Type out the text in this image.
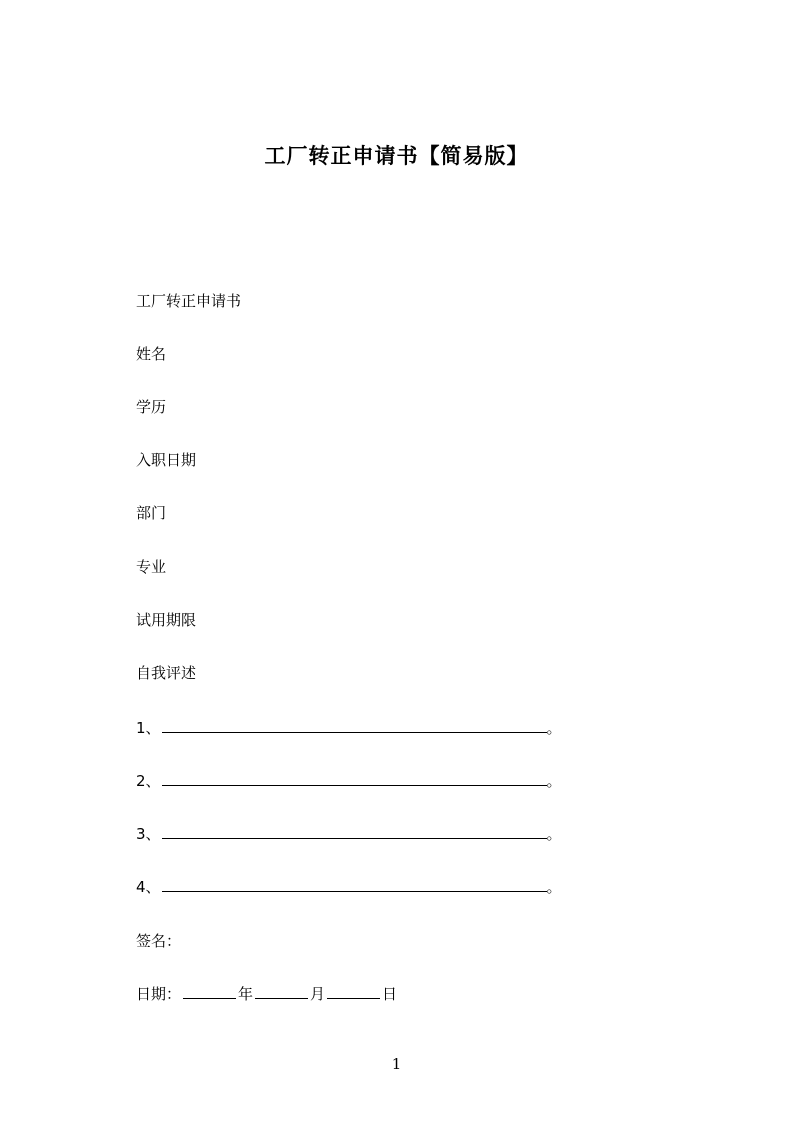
工厂转正申请书【简易版】
工厂转正申请书
姓名
学历
入职日期
部门
专业
试用期限
自我评述
1、	。
2、	。
3、	。
4、	。
签名：
日期：	年	月	日
1
